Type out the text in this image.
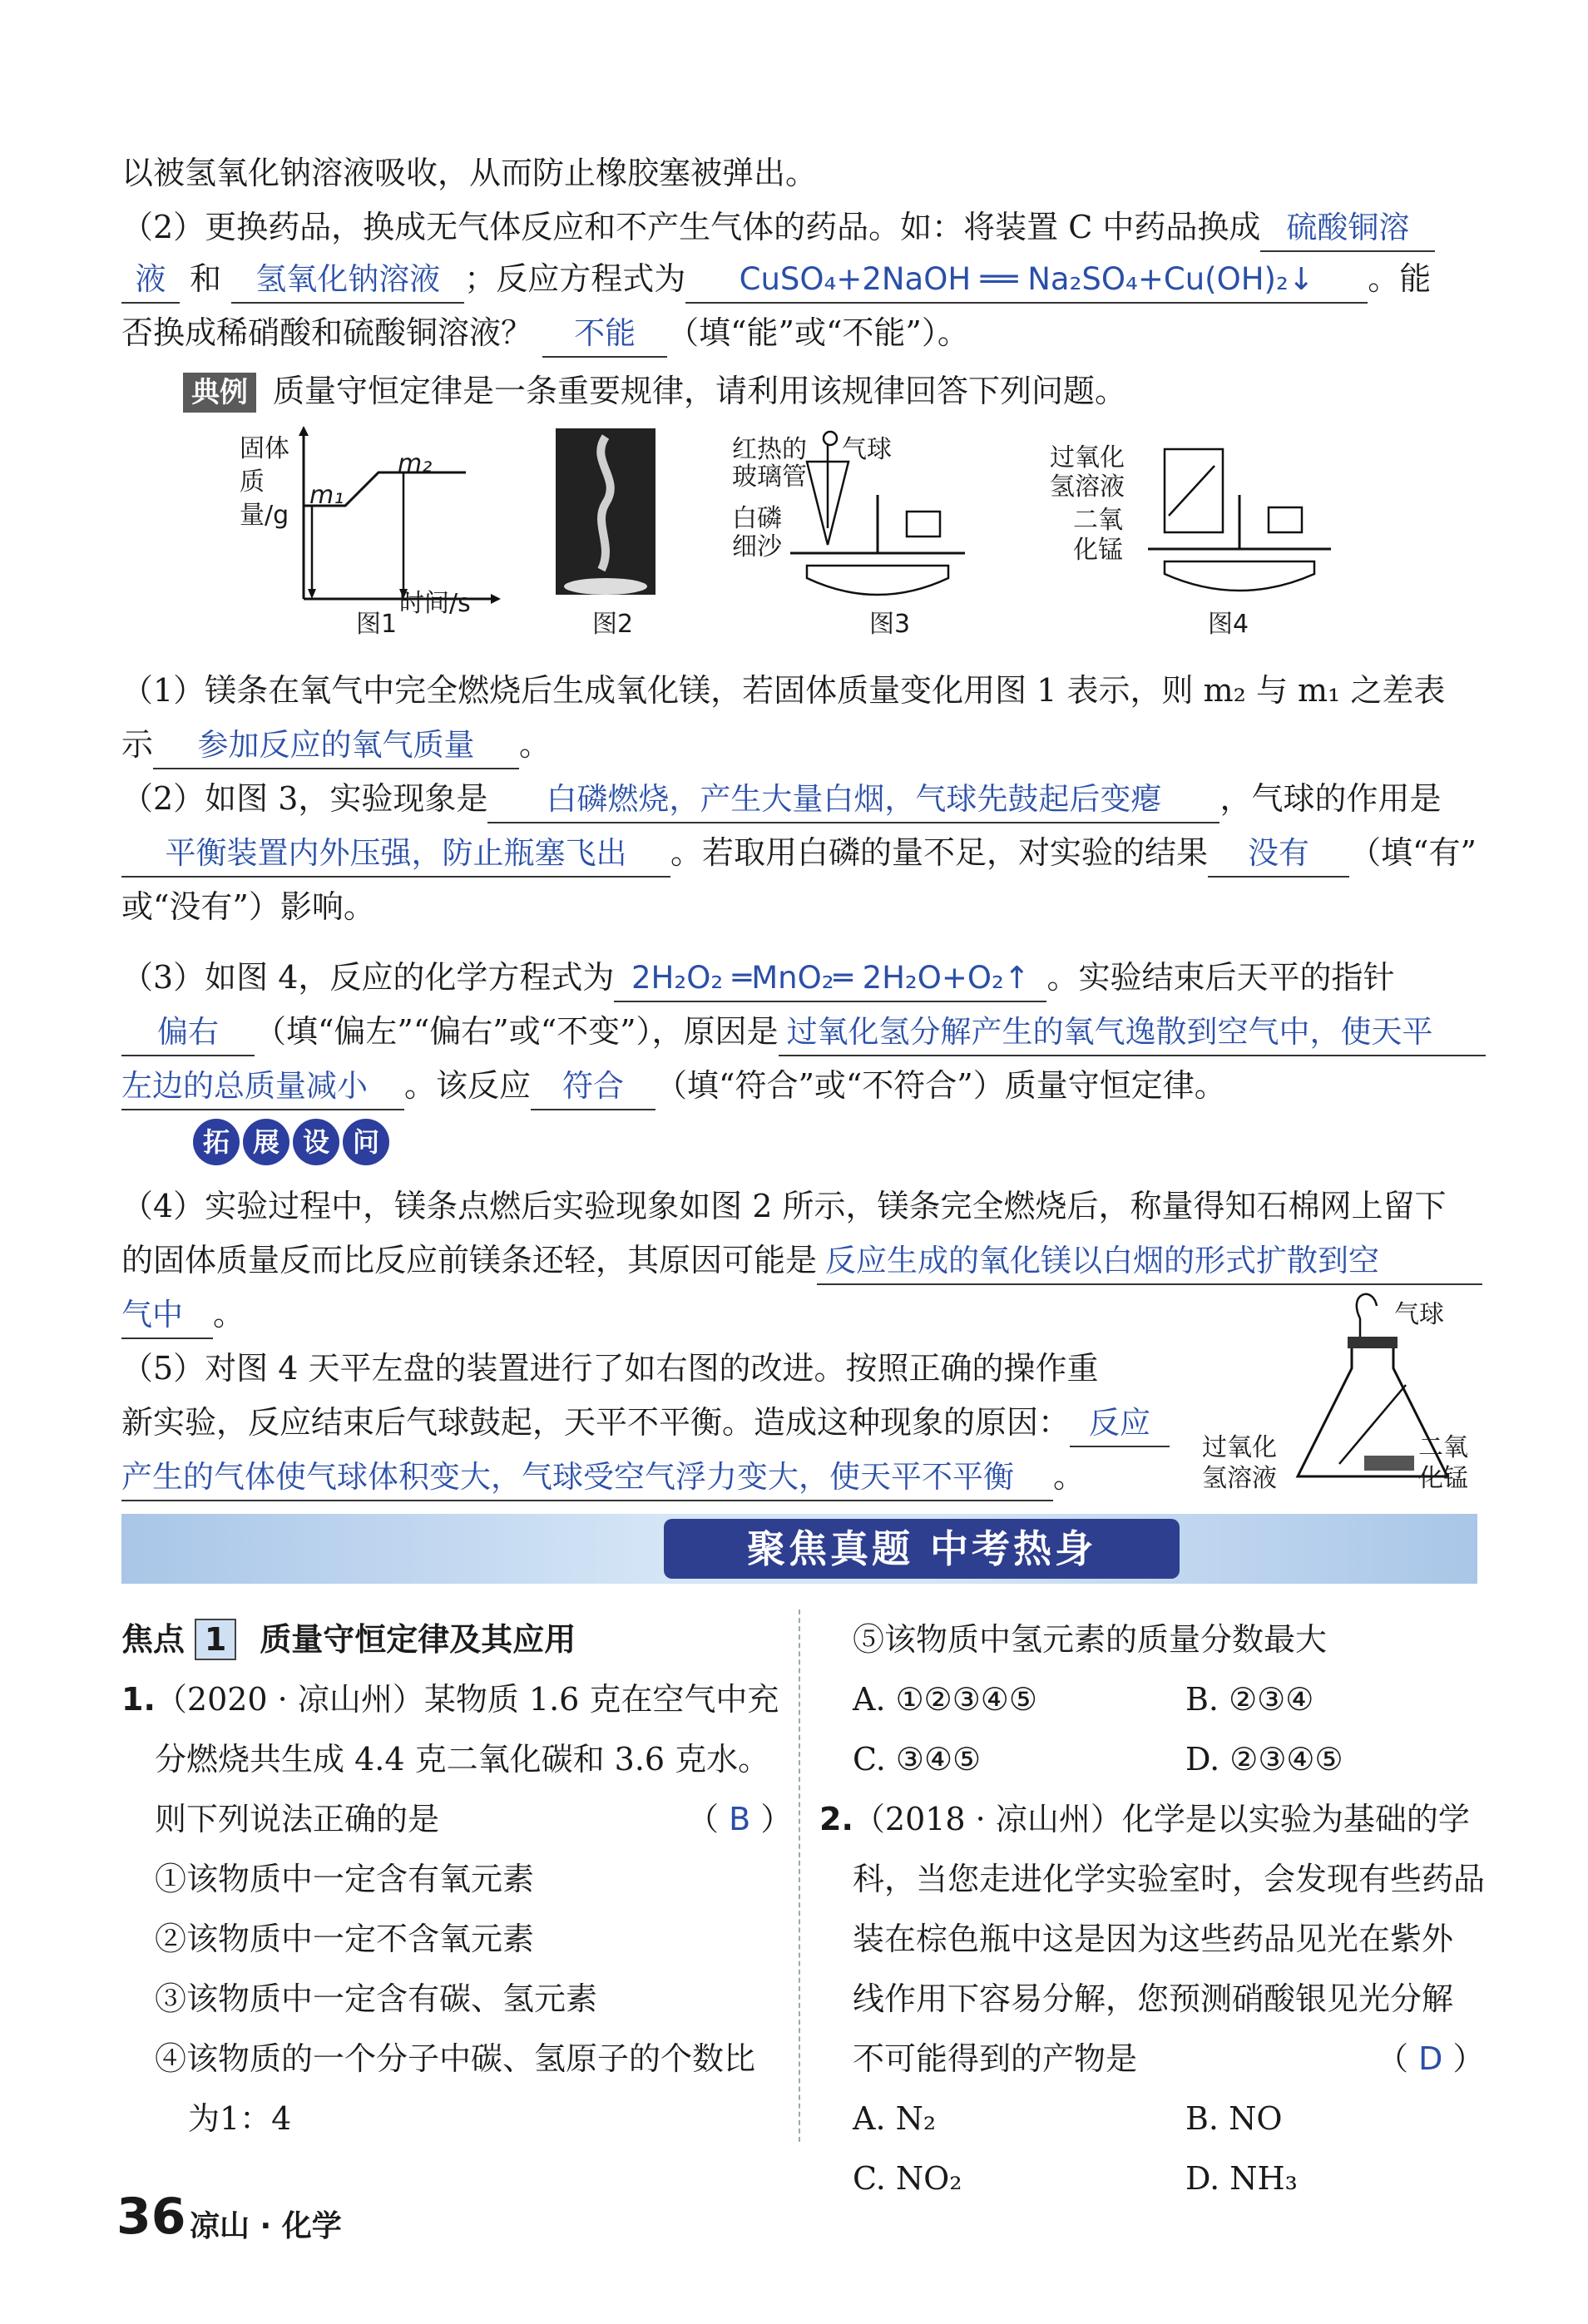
以被氢氧化钠溶液吸收，从而防止橡胶塞被弹出。
（2）更换药品，换成无气体反应和不产生气体的药品。如：将装置 C 中药品换成 硫酸铜溶
液 和 氢氧化钠溶液 ；反应方程式为 CuSO₄+2NaOH ══ Na₂SO₄+Cu(OH)₂↓ 。能
否换成稀硝酸和硫酸铜溶液？ 不能 （填“能”或“不能”）。
典例 质量守恒定律是一条重要规律，请利用该规律回答下列问题。
固体质量/g
m₁
m₂
时间/s
图1	图2
红热的
玻璃管
白磷
细沙
气球
图3
过氧化
氢溶液
二氧
化锰
图4
（1）镁条在氧气中完全燃烧后生成氧化镁，若固体质量变化用图 1 表示，则 m₂ 与 m₁ 之差表
示 参加反应的氧气质量 。
（2）如图 3，实验现象是 白磷燃烧，产生大量白烟，气球先鼓起后变瘪 ，气球的作用是
平衡装置内外压强，防止瓶塞飞出 。若取用白磷的量不足，对实验的结果 没有 （填“有”
或“没有”）影响。
（3）如图 4，反应的化学方程式为 2H₂O₂ ═MnO₂═ 2H₂O+O₂↑ 。实验结束后天平的指针
偏右 （填“偏左”“偏右”或“不变”），原因是 过氧化氢分解产生的氧气逸散到空气中，使天平
左边的总质量减小 。该反应 符合 （填“符合”或“不符合”）质量守恒定律。
拓 展 设 问
（4）实验过程中，镁条点燃后实验现象如图 2 所示，镁条完全燃烧后，称量得知石棉网上留下
的固体质量反而比反应前镁条还轻，其原因可能是 反应生成的氧化镁以白烟的形式扩散到空
气中 。
（5）对图 4 天平左盘的装置进行了如右图的改进。按照正确的操作重
新实验，反应结束后气球鼓起，天平不平衡。造成这种现象的原因： 反应
产生的气体使气球体积变大，气球受空气浮力变大，使天平不平衡 。
气球
过氧化
氢溶液
二氧
化锰
聚焦真题 中考热身
焦点 1 质量守恒定律及其应用
1.（2020 · 凉山州）某物质 1.6 克在空气中充
分燃烧共生成 4.4 克二氧化碳和 3.6 克水。
则下列说法正确的是	（ B ）
①该物质中一定含有氧元素
②该物质中一定不含氧元素
③该物质中一定含有碳、氢元素
④该物质的一个分子中碳、氢原子的个数比
为1：4
⑤该物质中氢元素的质量分数最大
A. ①②③④⑤	B. ②③④
C. ③④⑤	D. ②③④⑤
2.（2018 · 凉山州）化学是以实验为基础的学
科，当您走进化学实验室时，会发现有些药品
装在棕色瓶中这是因为这些药品见光在紫外
线作用下容易分解，您预测硝酸银见光分解
不可能得到的产物是	（ D ）
A. N₂	B. NO
C. NO₂	D. NH₃
36 凉山 · 化学
